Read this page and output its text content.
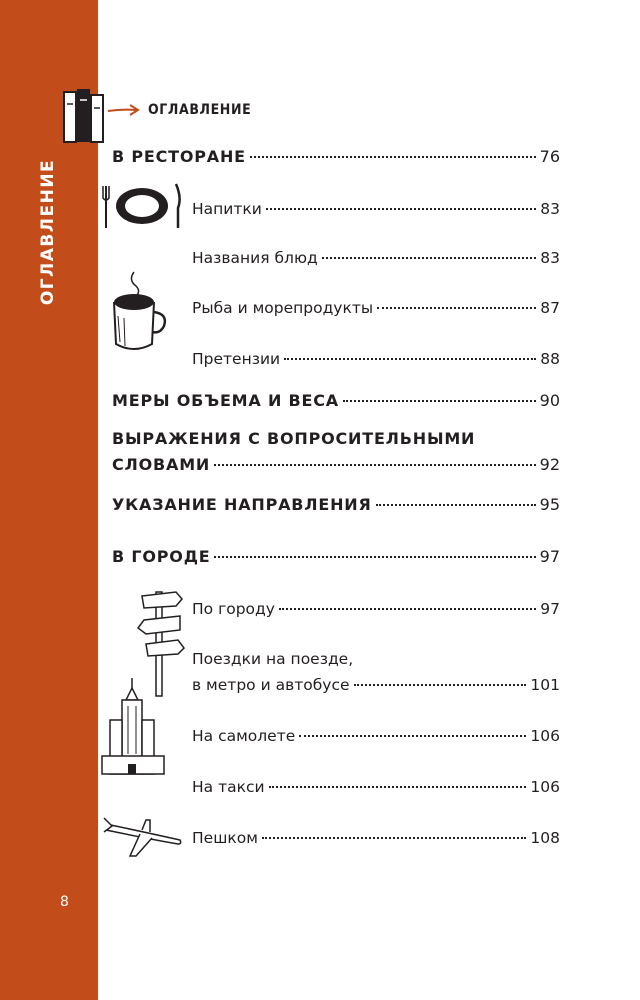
ОГЛАВЛЕНИЕ
8
ОГЛАВЛЕНИЕ
В РЕСТОРАНЕ	76
Напитки	83
Названия блюд	83
Рыба и морепродукты	87
Претензии	88
МЕРЫ ОБЪЕМА И ВЕСА	90
ВЫРАЖЕНИЯ С ВОПРОСИТЕЛЬНЫМИ
СЛОВАМИ	92
УКАЗАНИЕ НАПРАВЛЕНИЯ	95
В ГОРОДЕ	97
По городу	97
Поездки на поезде,
в метро и автобусе	101
На самолете	106
На такси	106
Пешком	108
